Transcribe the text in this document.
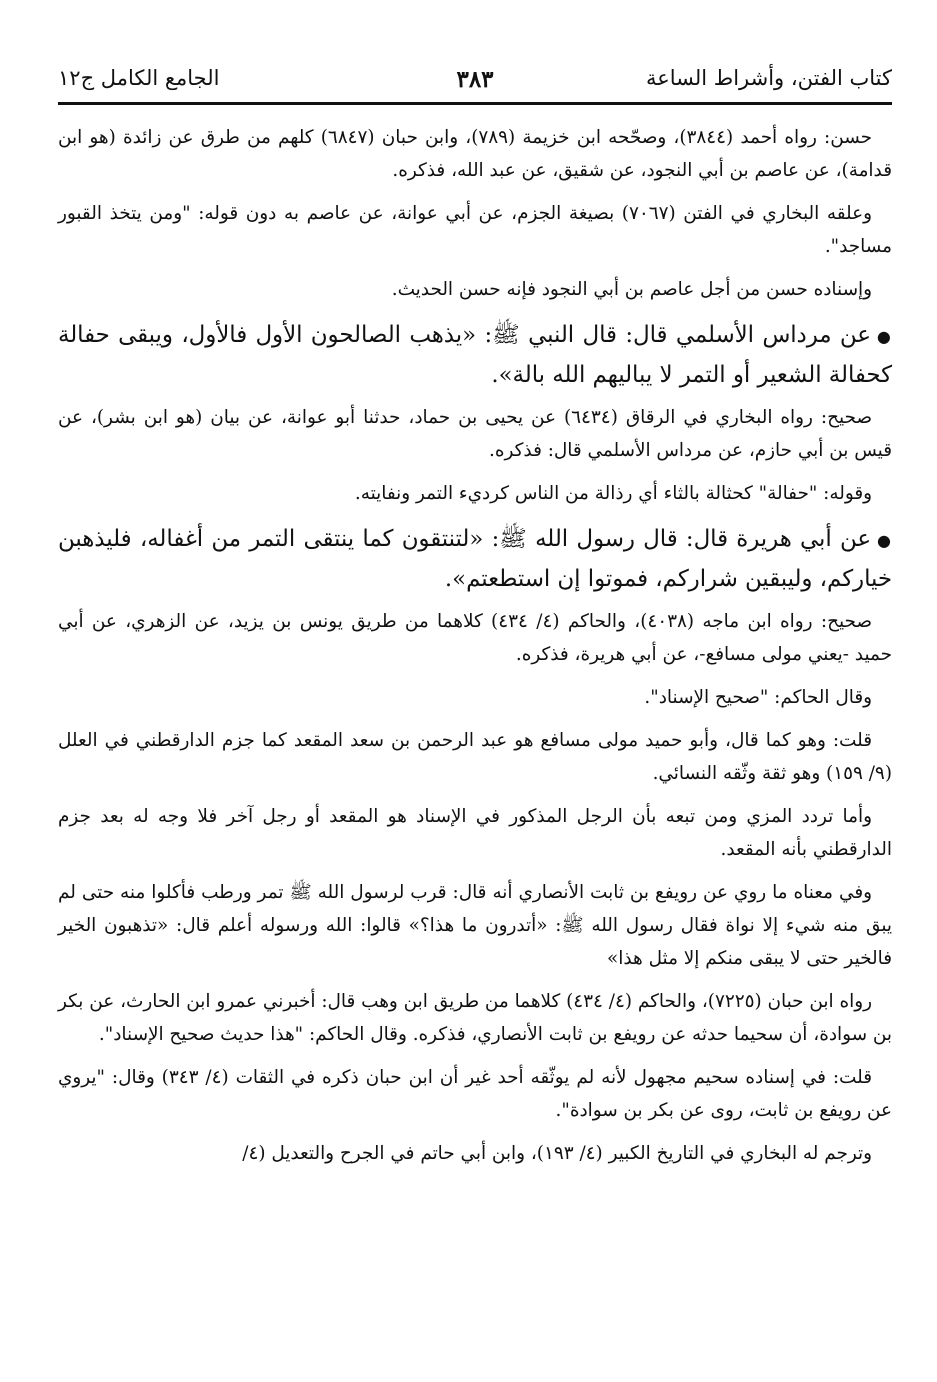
كتاب الفتن، وأشراط الساعة
٣٨٣
الجامع الكامل ج١٢

حسن: رواه أحمد (٣٨٤٤)، وصحّحه ابن خزيمة (٧٨٩)، وابن حبان (٦٨٤٧) كلهم من طرق عن زائدة (هو ابن قدامة)، عن عاصم بن أبي النجود، عن شقيق، عن عبد الله، فذكره.

وعلقه البخاري في الفتن (٧٠٦٧) بصيغة الجزم، عن أبي عوانة، عن عاصم به دون قوله: "ومن يتخذ القبور مساجد".

وإسناده حسن من أجل عاصم بن أبي النجود فإنه حسن الحديث.

●عن مرداس الأسلمي قال: قال النبي ﷺ: «يذهب الصالحون الأول فالأول، ويبقى حفالة كحفالة الشعير أو التمر لا يباليهم الله بالة».

صحيح: رواه البخاري في الرقاق (٦٤٣٤) عن يحيى بن حماد، حدثنا أبو عوانة، عن بيان (هو ابن بشر)، عن قيس بن أبي حازم، عن مرداس الأسلمي قال: فذكره.

وقوله: "حفالة" كحثالة بالثاء أي رذالة من الناس كرديء التمر ونفايته.

●عن أبي هريرة قال: قال رسول الله ﷺ: «لتنتقون كما ينتقى التمر من أغفاله، فليذهبن خياركم، وليبقين شراركم، فموتوا إن استطعتم».

صحيح: رواه ابن ماجه (٤٠٣٨)، والحاكم (٤/ ٤٣٤) كلاهما من طريق يونس بن يزيد، عن الزهري، عن أبي حميد -يعني مولى مسافع-، عن أبي هريرة، فذكره.

وقال الحاكم: "صحيح الإسناد".

قلت: وهو كما قال، وأبو حميد مولى مسافع هو عبد الرحمن بن سعد المقعد كما جزم الدارقطني في العلل (٩/ ١٥٩) وهو ثقة وثّقه النسائي.

وأما تردد المزي ومن تبعه بأن الرجل المذكور في الإسناد هو المقعد أو رجل آخر فلا وجه له بعد جزم الدارقطني بأنه المقعد.

وفي معناه ما روي عن رويفع بن ثابت الأنصاري أنه قال: قرب لرسول الله ﷺ تمر ورطب فأكلوا منه حتى لم يبق منه شيء إلا نواة فقال رسول الله ﷺ: «أتدرون ما هذا؟» قالوا: الله ورسوله أعلم قال: «تذهبون الخير فالخير حتى لا يبقى منكم إلا مثل هذا»

رواه ابن حبان (٧٢٢٥)، والحاكم (٤/ ٤٣٤) كلاهما من طريق ابن وهب قال: أخبرني عمرو ابن الحارث، عن بكر بن سوادة، أن سحيما حدثه عن رويفع بن ثابت الأنصاري، فذكره. وقال الحاكم: "هذا حديث صحيح الإسناد".

قلت: في إسناده سحيم مجهول لأنه لم يوثّقه أحد غير أن ابن حبان ذكره في الثقات (٤/ ٣٤٣) وقال: "يروي عن رويفع بن ثابت، روى عن بكر بن سوادة".

وترجم له البخاري في التاريخ الكبير (٤/ ١٩٣)، وابن أبي حاتم في الجرح والتعديل (٤/
